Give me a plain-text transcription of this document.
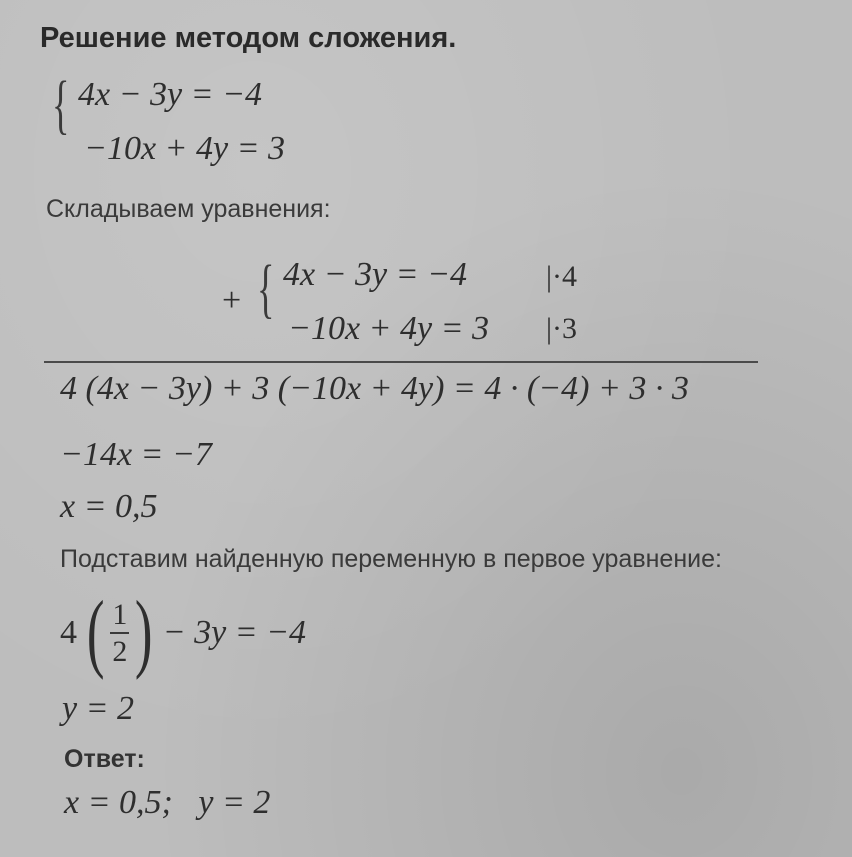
Решение методом сложения.
{ 4x − 3y = −4
−10x + 4y = 3
Складываем уравнения:
+ { 4x − 3y = −4
−10x + 4y = 3
|·4
|·3
4 (4x − 3y) + 3 (−10x + 4y) = 4 · (−4) + 3 · 3
−14x = −7
x = 0,5
Подставим найденную переменную в первое уравнение:
4 ( $\frac{1}{2}$ ) − 3y = −4
y = 2
Ответ:
x = 0,5;   y = 2
